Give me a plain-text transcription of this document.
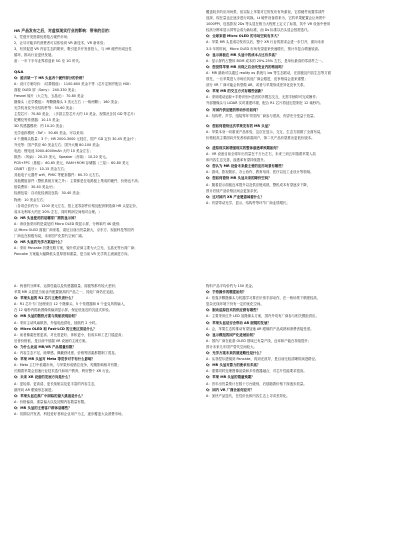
HR 产品发布之后，对虚拟现实行业的影响：带来的目的：

1、凭借开发资源优势抢占硬件市场；

2、让尽可能多的消费者可以体验到 VR 新技术，VR 新体验；

3、有效促进 VR 内容生态的繁荣，吸引更多开发者投入，与 HR 硬件形成良性

循环，推动行业更快发展。

备：一年下半年业界将迎来 5G 至 1G 时代。

Q&A

Q：能否谈一下 HR 头显各个硬件部分的价格？

A：设计方案均价：（结算数值）：1100-600 美金不等（芯片定制并配合 HDI）

面板 OLED 屏（Sony）：240-330 美金；

Fresnel 镜片（大立光、玉晶光）：70-80 美金

摄像头（光学模组）：每颗摄像头 3 美元左右（一般两颗）；160 美金；

光学机身及外壳结构件等：50-60 美金；

主控芯片：70-80 美金，（多款主控芯片大约 10 美金，视情况含其 GD 等芯片）

陀螺仪等传感器：10-15 美金；

3D 传感器模块：约 10-20 美金；

光学追踪模块（ToF）：50-60 美金，可以来用；

4 个摄像头数量：3 个；HR 2000-3000 元档位，国产 GD 定价 30-45 美金/个；

外壳等：国产供应 60 美金左右；国外大概 80-100 美金；

电池：锂电池 3000-4000mAh 大约 10 美金左右；

散热：（风扇）：20-25 美元，Speaker（音频）：10-20 美元。

PCB+FPC（基板）：60-65 美元，RAM+ROM 存储器（三星）：60-80 美元

CB/BT（蓝牙）：10-15 美金左右；

其他电子元器件 wifi，PMIC 等配套器件：60-70 元左右。

其他模组部件（整机系统方案之外）：主要都是在电路板上集成的硬件，价格也不高；

组装费用：30-40 美金/台；

检测包装：自动化检测及包装：30-40 美金；

物流：10 美金左右；

（各项总价约为：1200 美元左右，按上述零部件价格及配套制造商 HR 头显定价，

成本毛利率大约在 20% 左右，同时利润空间相对合理。）

Q：HR 头显使用的是哪家厂商的显示屏？

A：该设备采用的是索尼的 Micro OLED 微显示屏，分辨率约 4K 级别；

从 Micro OLED 面板厂商来看，索尼目前出货量最大，京东方、视涯科技等国内

厂商也在积极布局，未来国产化替代空间广阔。

Q：HR 头显的光学方案是什么？

A：采用 Pancake 折叠光路方案，镜片供应商主要为大立光、玉晶光等台湾厂商；

Pancake 方案能大幅降低头显厚度和重量，是当前 VR 光学的主流演进方向。

覆盖较多的应用场景，但实际上苹果对它的发布有所重视，它将硬件前置零部件

选择、现在量也正逐步进行切换，Lt 硬件设备将来为，它的苹果配置会让场景中

1000PPI，包括影视 2Ds 等头显在相当大程度上定义了标准，其中 VR 设备中使用

较高分辨率显示屏等会成为新标准，而 Ds 标准以后头显会按需迭代。

Q：全球来看 Micro OLED 的市场空间有多大？

A：苹果 MR 头显成功发布以后，整个 XR 行业的需求会进一步打开，面向未来

3-5 年的时间，Micro OLED 市场有望迎来快速增长，预计年复合增速较高。

Q：显示面板在 MR 头显中的成本占比有多高？

A：显示屏约占整体 BOM 成本的 20%-25% 左右，是单价最高的零部件之一。

Q：您觉得苹果 MR 出现之后会改变业内的格局吗？

A：MR 最新可以通过 reality os 系统与 Ios 等生态联动，在面板及内容生态等方面

领先，一旦苹果进入市场后其他厂商会跟进，竞争格局会迎来重塑；

部分 VR 厂商可能会转型做 AR，或者与苹果形成差异化竞争关系。

Q：苹果 MR 的交互方式有哪些创新？

A：采用眼动追踪+手势识别+语音的多模态交互，无需手柄即可完成操作；

外部摄像头与 LiDAR 实时重建环境，配合 R1 芯片将延迟控制在 12 毫秒内。

Q：对国内供应链的带动作用如何？

A：结构件、声学、组装等环节国内厂商参与度高，有望充分受益于放量。

Q：您如何看待这次苹果发布的 MR 头显？

A：苹果本身一向重视产品体验，这次在显示、交互、生态方面做了全面布局，

价格较高主要面向开发者和高端用户，第二代产品有望推出更低价版本。

Q：虚拟现实和增强现实的整体渗透率预期如何？

A：VR 设备目前全球年出货量在千万台左右，未来三到五年随着苹果入局

和内容生态完善，渗透率有望持续提升。

Q：您认为 MR 设备未来最主要的应用场景有哪些？

A：游戏、影视娱乐、办公协作、教育培训、医疗以及工业设计等领域。

Q：您如何看待 MR 头显未来的降价空间？

A：随着显示面板良率提升以及供应链成熟，整机成本有望逐步下降，

预计后续产品价格区间会更加亲民。

Q：这对国内 XR 产业链意味着什么？

A：有望带动光学、显示、结构件等环节厂商业绩增长。

A：两者的分辨率、运算性能以及传感器数量、面板等都有较大差别；

苹果 MR 头显是当前业内配置最高的产品之一，其他厂商仍在追赶。

Q：苹果头显的 R1 芯片主要负责什么？

A：R1 芯片专门处理来自 12 个摄像头、5 个传感器和 6 个麦克风的输入，

在 12 毫秒内将新图像传输到显示屏，保证低延迟的沉浸式体验。

Q：MR 头显的散热方案与续航表现如何？

A：采用主动风扇散热，外接电池供电，续航约 2 小时。

Q：Micro OLED 和 Fast-LCD 的主要区别是什么？

A：前者像素密度更高、对比度更好、体积更小，但成本和工艺门槛更高；

后者价格低，是目前中低端 VR 设备的主流方案。

Q：为什么此前 MR/VR 产品销量有限？

A：内容生态不足、眩晕感、佩戴舒适度、价格等因素都限制了普及。

Q：苹果 MR 头显对 Meta 等竞争对手有什么影响？

A：Meta 主打中低端市场，与苹果形成错位竞争，短期影响相对有限；

长期看苹果会加速行业技术迭代和用户教育，利好整个 XR 行业。

Q：未来 XR 设备的发展方向是什么？

A：更轻薄、更高清、更长续航以及更丰富的内容生态，

最终向 AR 眼镜形态演进。

Q：苹果头显在推广中面临的最大挑战是什么？

A：价格偏高、重量偏大以及初期内容数量有限。

Q：MR 头显的主要客户群体是哪些？

A：初期以开发者、科技爱好者和企业用户为主，逐步覆盖大众消费市场。

物料产品平均价约为 150 美金。

Q：手势操作的精度如何？

A：依靠多颗摄像头与机器学习算法识别手部动作，在一般场景下精度较高，

复杂光线环境下仍有一定的优化空间。

Q：眼动追踪技术的供应商有哪些？

A：主要采用红外 LED 加摄像头方案，国内外均有厂商参与相关模组供应。

Q：苹果头显是否会带动 AR 眼镜的发展？

A：会，苹果生态的推动有望加速 AR 眼镜的产品成熟和消费者接受度。

Q：显示模组的国产化进展如何？

A：国内厂商在硅基 OLED 领域已有量产线，良率和产能在持续提升；

预计未来几年国产替代空间较大。

Q：光学方案未来的演进路径是什么？

A：从菲涅尔透镜到 Pancake，再到光波导，是目前比较清晰的演进路径。

Q：MR 头显对算力的要求有多高？

A：需要同时处理图像渲染和多传感器融合，对芯片性能要求很高。

Q：苹果 MR 头显的销量预期？

A：首年出货量预计在数十万台级别，后续随着价格下探逐步放量。

Q：国内 VR 厂商会如何应对？

A：加快产品迭代，在性价比和内容生态上寻求差异化。
